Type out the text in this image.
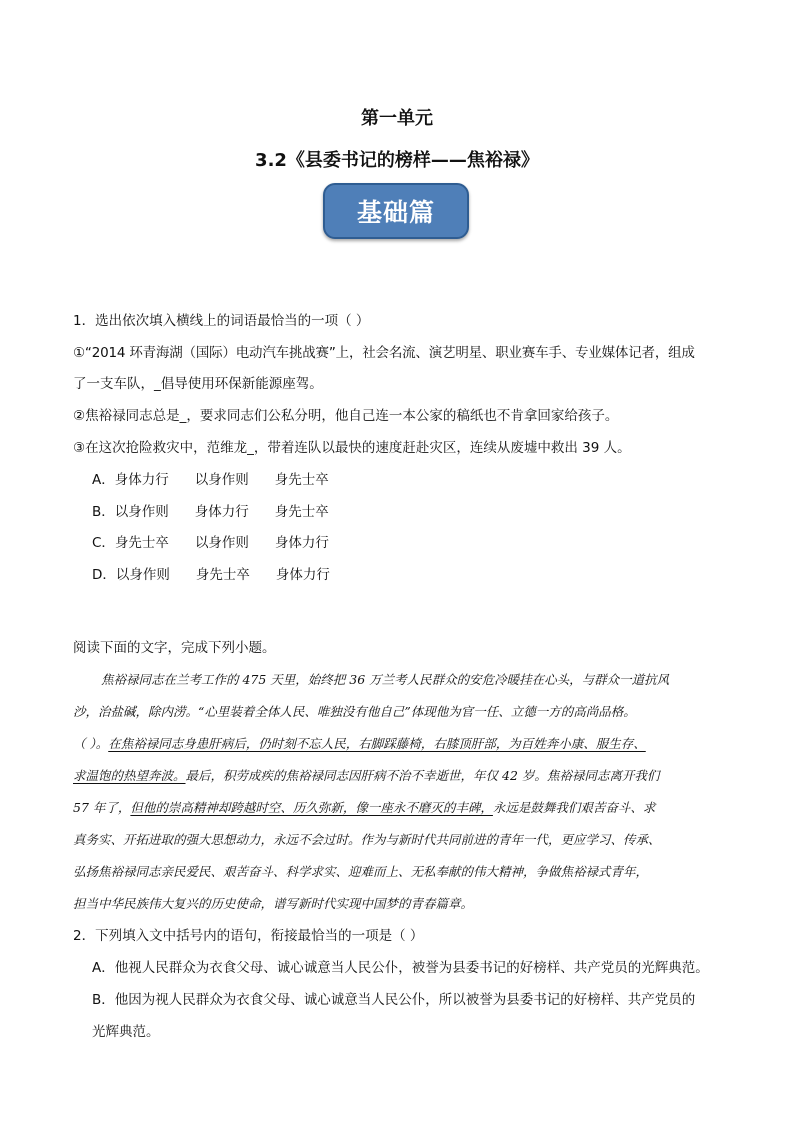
第一单元
3.2《县委书记的榜样——焦裕禄》
基础篇
1．选出依次填入横线上的词语最恰当的一项（ ）
①“2014 环青海湖（国际）电动汽车挑战赛”上，社会名流、演艺明星、职业赛车手、专业媒体记者，组成
了一支车队，_倡导使用环保新能源座驾。
②焦裕禄同志总是_，要求同志们公私分明，他自己连一本公家的稿纸也不肯拿回家给孩子。
③在这次抢险救灾中，范维龙_，带着连队以最快的速度赶赴灾区，连续从废墟中救出 39 人。
A．身体力行 以身作则 身先士卒
B．以身作则 身体力行 身先士卒
C．身先士卒 以身作则 身体力行
D．以身作则 身先士卒 身体力行
阅读下面的文字，完成下列小题。
焦裕禄同志在兰考工作的 475 天里，始终把 36 万兰考人民群众的安危冷暖挂在心头，与群众一道抗风
沙，治盐碱，除内涝。“心里装着全体人民、唯独没有他自己”体现他为官一任、立德一方的高尚品格。
（ ）。在焦裕禄同志身患肝病后，仍时刻不忘人民，右脚踩藤椅，右膝顶肝部，为百姓奔小康、服生存、
求温饱的热望奔波。最后，积劳成疾的焦裕禄同志因肝病不治不幸逝世，年仅 42 岁。焦裕禄同志离开我们
57 年了，但他的崇高精神却跨越时空、历久弥新，像一座永不磨灭的丰碑，永远是鼓舞我们艰苦奋斗、求
真务实、开拓进取的强大思想动力，永远不会过时。作为与新时代共同前进的青年一代，更应学习、传承、
弘扬焦裕禄同志亲民爱民、艰苦奋斗、科学求实、迎难而上、无私奉献的伟大精神，争做焦裕禄式青年，
担当中华民族伟大复兴的历史使命，谱写新时代实现中国梦的青春篇章。
2．下列填入文中括号内的语句，衔接最恰当的一项是（ ）
A．他视人民群众为衣食父母、诚心诚意当人民公仆，被誉为县委书记的好榜样、共产党员的光辉典范。
B．他因为视人民群众为衣食父母、诚心诚意当人民公仆，所以被誉为县委书记的好榜样、共产党员的
光辉典范。
